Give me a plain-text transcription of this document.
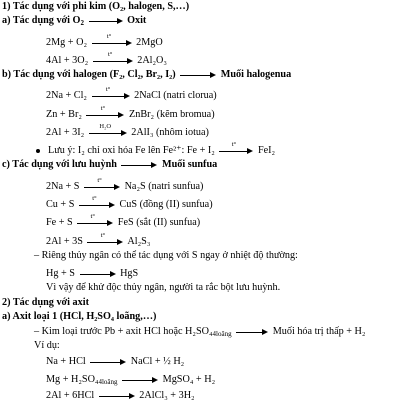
1) Tác dụng với phi kim (O₂, halogen, S,…)
a) Tác dụng với $O_2$	Oxit
2Mg + O₂
t°
2MgO
4Al + 3O₂
t°
2Al₂O₃
b) Tác dụng với halogen (F₂, Cl₂, Br₂, I₂)	Muối halogenua
2Na + Cl₂
t°
2NaCl (natri clorua)
Zn + Br₂
t°
ZnBr₂ (kẽm bromua)
2Al + 3I₂
H₂O
2AlI₃ (nhôm iotua)
Lưu ý: I₂ chỉ oxi hóa Fe lên Fe²⁺: Fe + I₂
t°
FeI₂
c) Tác dụng với lưu huỳnh	Muối sunfua
2Na + S
t°
Na₂S (natri sunfua)
Cu + S
t°
CuS (đồng (II) sunfua)
Fe + S
t°
FeS (sắt (II) sunfua)
2Al + 3S
t°
Al₂S₃
– Riêng thủy ngân có thể tác dụng với S ngay ở nhiệt độ thường:
Hg + S	HgS
Vì vậy để khử độc thủy ngân, người ta rắc bột lưu huỳnh.
2) Tác dụng với axit
a) Axit loại 1 (HCl, H₂SO₄ loãng,…)
– Kim loại trước Pb + axit HCl hoặc $H_2SO_4_{4loãng}$	Muối hóa trị thấp + H₂
Ví dụ:
Na + HCl	NaCl + ½ H₂
$Mg + H_2SO_4_{4loãng}$	MgSO₄ + H₂
2Al + 6HCl	2AlCl₃ + 3H₂
